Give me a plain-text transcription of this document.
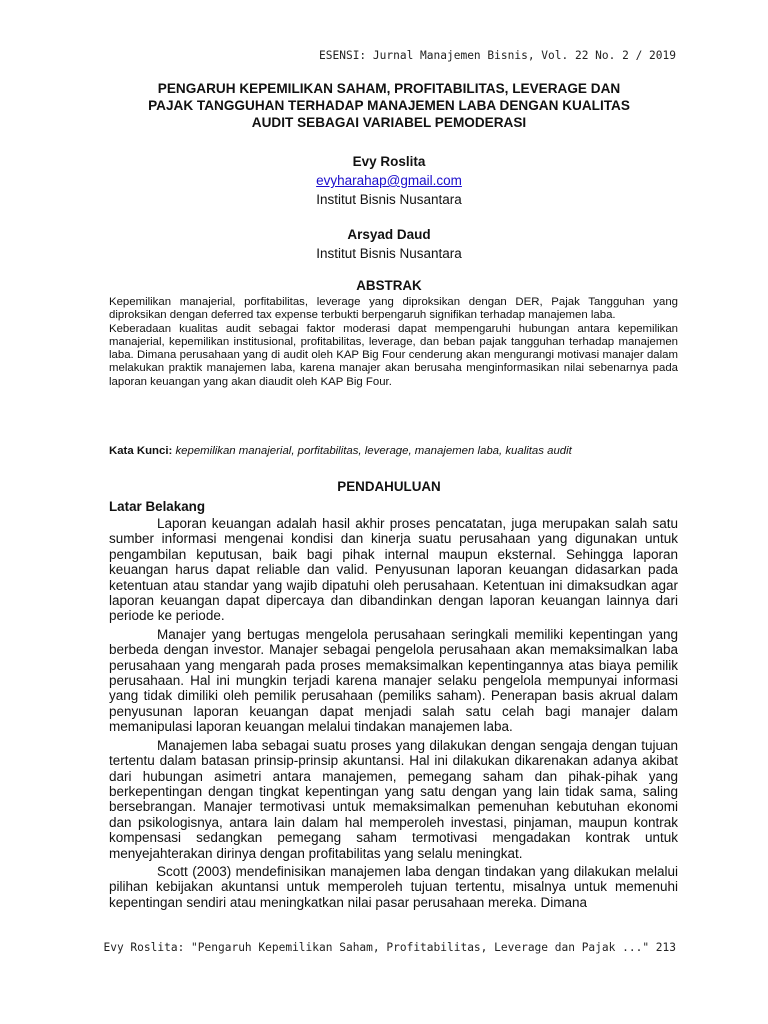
ESENSI: Jurnal Manajemen Bisnis, Vol. 22 No. 2 / 2019
PENGARUH KEPEMILIKAN SAHAM, PROFITABILITAS, LEVERAGE DAN
PAJAK TANGGUHAN TERHADAP MANAJEMEN LABA DENGAN KUALITAS
AUDIT SEBAGAI VARIABEL PEMODERASI
Evy Roslita
evyharahap@gmail.com
Institut Bisnis Nusantara
Arsyad Daud
Institut Bisnis Nusantara
ABSTRAK

Kepemilikan manajerial, porfitabilitas, leverage yang diproksikan dengan DER, Pajak Tangguhan yang diproksikan dengan deferred tax expense terbukti berpengaruh signifikan terhadap manajemen laba.

Keberadaan kualitas audit sebagai faktor moderasi dapat mempengaruhi hubungan antara kepemilikan manajerial, kepemilikan institusional, profitabilitas, leverage, dan beban pajak tangguhan terhadap manajemen laba. Dimana perusahaan yang di audit oleh KAP Big Four cenderung akan mengurangi motivasi manajer dalam melakukan praktik manajemen laba, karena manajer akan berusaha menginformasikan nilai sebenarnya pada laporan keuangan yang akan diaudit oleh KAP Big Four.

Kata Kunci: kepemilikan manajerial, porfitabilitas, leverage, manajemen laba, kualitas audit
PENDAHULUAN
Latar Belakang

Laporan keuangan adalah hasil akhir proses pencatatan, juga merupakan salah satu sumber informasi mengenai kondisi dan kinerja suatu perusahaan yang digunakan untuk pengambilan keputusan, baik bagi pihak internal maupun eksternal. Sehingga laporan keuangan harus dapat reliable dan valid. Penyusunan laporan keuangan didasarkan pada ketentuan atau standar yang wajib dipatuhi oleh perusahaan. Ketentuan ini dimaksudkan agar laporan keuangan dapat dipercaya dan dibandinkan dengan laporan keuangan lainnya dari periode ke periode.

Manajer yang bertugas mengelola perusahaan seringkali memiliki kepentingan yang berbeda dengan investor. Manajer sebagai pengelola perusahaan akan memaksimalkan laba perusahaan yang mengarah pada proses memaksimalkan kepentingannya atas biaya pemilik perusahaan. Hal ini mungkin terjadi karena manajer selaku pengelola mempunyai informasi yang tidak dimiliki oleh pemilik perusahaan (pemiliks saham). Penerapan basis akrual dalam penyusunan laporan keuangan dapat menjadi salah satu celah bagi manajer dalam memanipulasi laporan keuangan melalui tindakan manajemen laba.

Manajemen laba sebagai suatu proses yang dilakukan dengan sengaja dengan tujuan tertentu dalam batasan prinsip-prinsip akuntansi. Hal ini dilakukan dikarenakan adanya akibat dari hubungan asimetri antara manajemen, pemegang saham dan pihak-pihak yang berkepentingan dengan tingkat kepentingan yang satu dengan yang lain tidak sama, saling bersebrangan. Manajer termotivasi untuk memaksimalkan pemenuhan kebutuhan ekonomi dan psikologisnya, antara lain dalam hal memperoleh investasi, pinjaman, maupun kontrak kompensasi sedangkan pemegang saham termotivasi mengadakan kontrak untuk menyejahterakan dirinya dengan profitabilitas yang selalu meningkat.

Scott (2003) mendefinisikan manajemen laba dengan tindakan yang dilakukan melalui pilihan kebijakan akuntansi untuk memperoleh tujuan tertentu, misalnya untuk memenuhi kepentingan sendiri atau meningkatkan nilai pasar perusahaan mereka. Dimana

Evy Roslita: "Pengaruh Kepemilikan Saham, Profitabilitas, Leverage dan Pajak ..." 213
